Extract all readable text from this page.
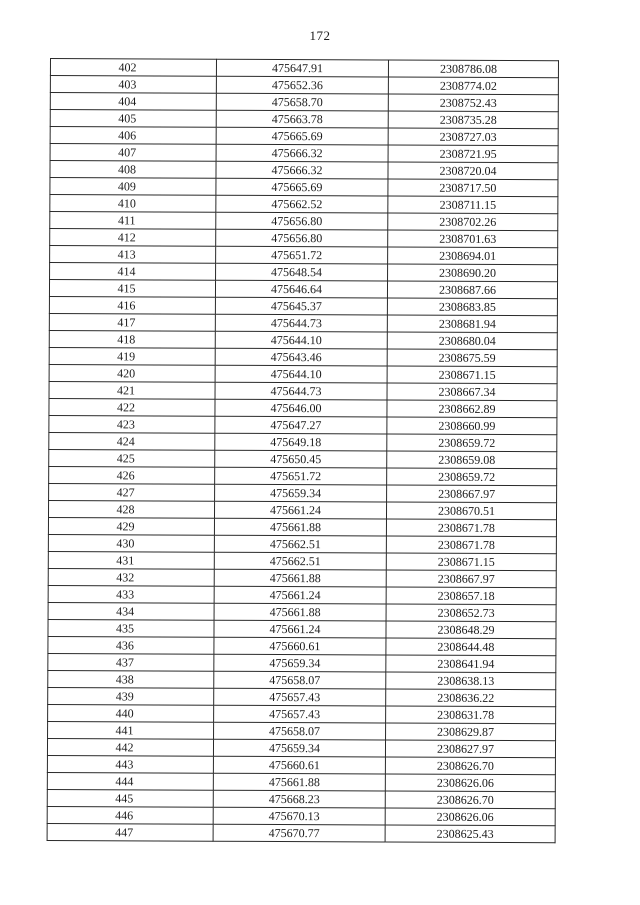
172
402	475647.91	2308786.08
403	475652.36	2308774.02
404	475658.70	2308752.43
405	475663.78	2308735.28
406	475665.69	2308727.03
407	475666.32	2308721.95
408	475666.32	2308720.04
409	475665.69	2308717.50
410	475662.52	2308711.15
411	475656.80	2308702.26
412	475656.80	2308701.63
413	475651.72	2308694.01
414	475648.54	2308690.20
415	475646.64	2308687.66
416	475645.37	2308683.85
417	475644.73	2308681.94
418	475644.10	2308680.04
419	475643.46	2308675.59
420	475644.10	2308671.15
421	475644.73	2308667.34
422	475646.00	2308662.89
423	475647.27	2308660.99
424	475649.18	2308659.72
425	475650.45	2308659.08
426	475651.72	2308659.72
427	475659.34	2308667.97
428	475661.24	2308670.51
429	475661.88	2308671.78
430	475662.51	2308671.78
431	475662.51	2308671.15
432	475661.88	2308667.97
433	475661.24	2308657.18
434	475661.88	2308652.73
435	475661.24	2308648.29
436	475660.61	2308644.48
437	475659.34	2308641.94
438	475658.07	2308638.13
439	475657.43	2308636.22
440	475657.43	2308631.78
441	475658.07	2308629.87
442	475659.34	2308627.97
443	475660.61	2308626.70
444	475661.88	2308626.06
445	475668.23	2308626.70
446	475670.13	2308626.06
447	475670.77	2308625.43
